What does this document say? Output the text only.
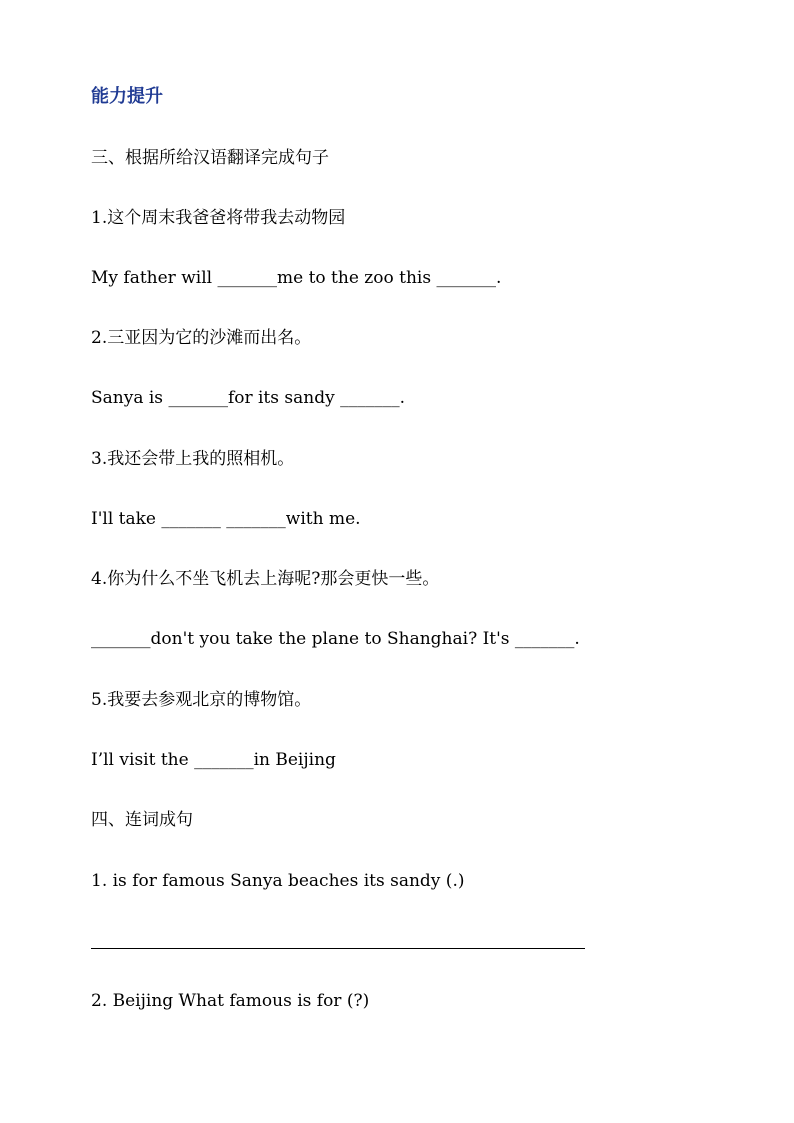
能力提升
三、根据所给汉语翻译完成句子
1.这个周末我爸爸将带我去动物园
My father will _______me to the zoo this _______.
2.三亚因为它的沙滩而出名。
Sanya is _______for its sandy _______.
3.我还会带上我的照相机。
I'll take _______ _______with me.
4.你为什么不坐飞机去上海呢?那会更快一些。
_______don't you take the plane to Shanghai? It's _______.
5.我要去参观北京的博物馆。
I’ll visit the _______in Beijing
四、连词成句
1. is for famous Sanya beaches its sandy (.)
2. Beijing What famous is for (?)
